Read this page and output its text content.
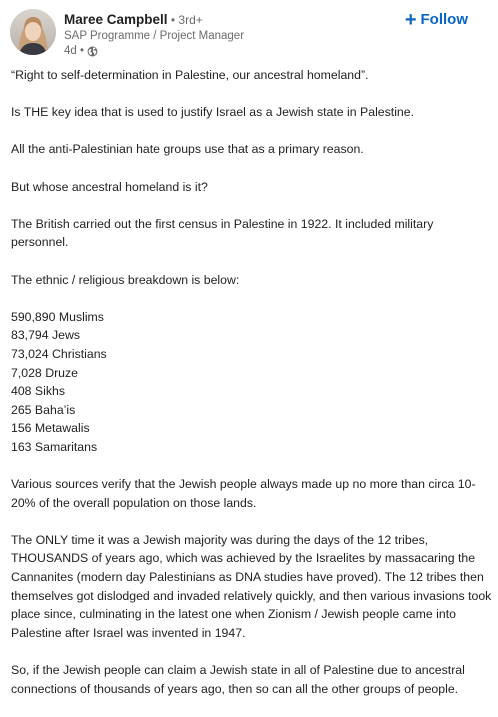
Maree Campbell • 3rd+
SAP Programme / Project Manager
4d •
+ Follow

“Right to self-determination in Palestine, our ancestral homeland”.

Is THE key idea that is used to justify Israel as a Jewish state in Palestine.

All the anti-Palestinian hate groups use that as a primary reason.

But whose ancestral homeland is it?

The British carried out the first census in Palestine in 1922. It included military personnel.

The ethnic / religious breakdown is below:

590,890 Muslims
83,794 Jews
73,024 Christians
7,028 Druze
408 Sikhs
265 Baha’is
156 Metawalis
163 Samaritans

Various sources verify that the Jewish people always made up no more than circa 10-20% of the overall population on those lands.

The ONLY time it was a Jewish majority was during the days of the 12 tribes, THOUSANDS of years ago, which was achieved by the Israelites by massacaring the Cannanites (modern day Palestinians as DNA studies have proved). The 12 tribes then themselves got dislodged and invaded relatively quickly, and then various invasions took place since, culminating in the latest one when Zionism / Jewish people came into Palestine after Israel was invented in 1947.

So, if the Jewish people can claim a Jewish state in all of Palestine due to ancestral connections of thousands of years ago, then so can all the other groups of people.
